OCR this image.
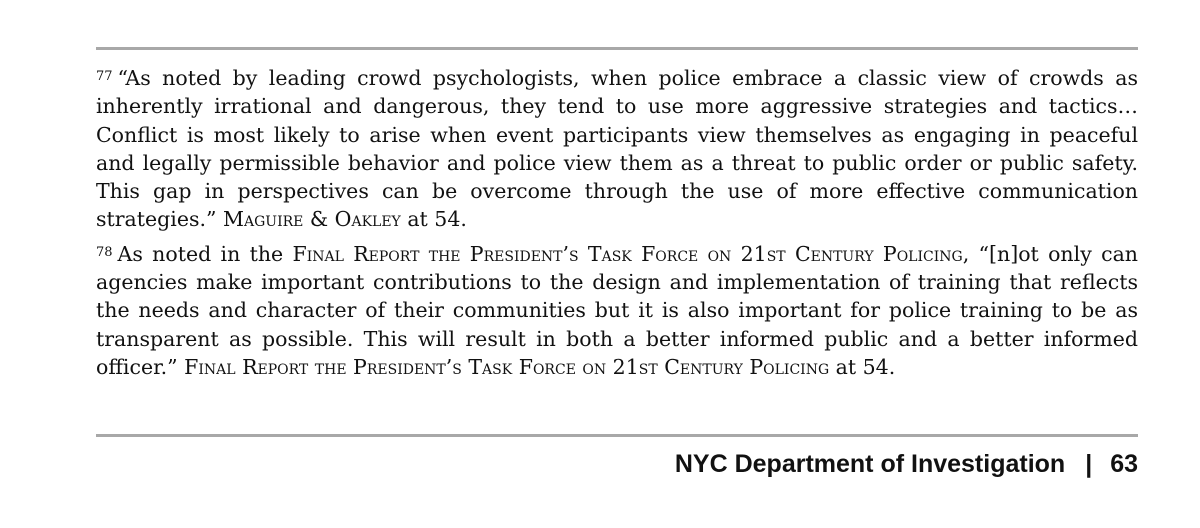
$^{77}$ “As noted by leading crowd psychologists, when police embrace a classic view of crowds as inherently irrational and dangerous, they tend to use more aggressive strategies and tactics…Conflict is most likely to arise when event participants view themselves as engaging in peaceful and legally permissible behavior and police view them as a threat to public order or public safety. This gap in perspectives can be overcome through the use of more effective communication strategies.” Maguire & Oakley at 54.

$^{78}$ As noted in the Final Report the President’s Task Force on 21st Century Policing, “[n]ot only can agencies make important contributions to the design and implementation of training that reflects the needs and character of their communities but it is also important for police training to be as transparent as possible. This will result in both a better informed public and a better informed officer.” Final Report the President’s Task Force on 21st Century Policing at 54.

NYC Department of Investigation | 63
